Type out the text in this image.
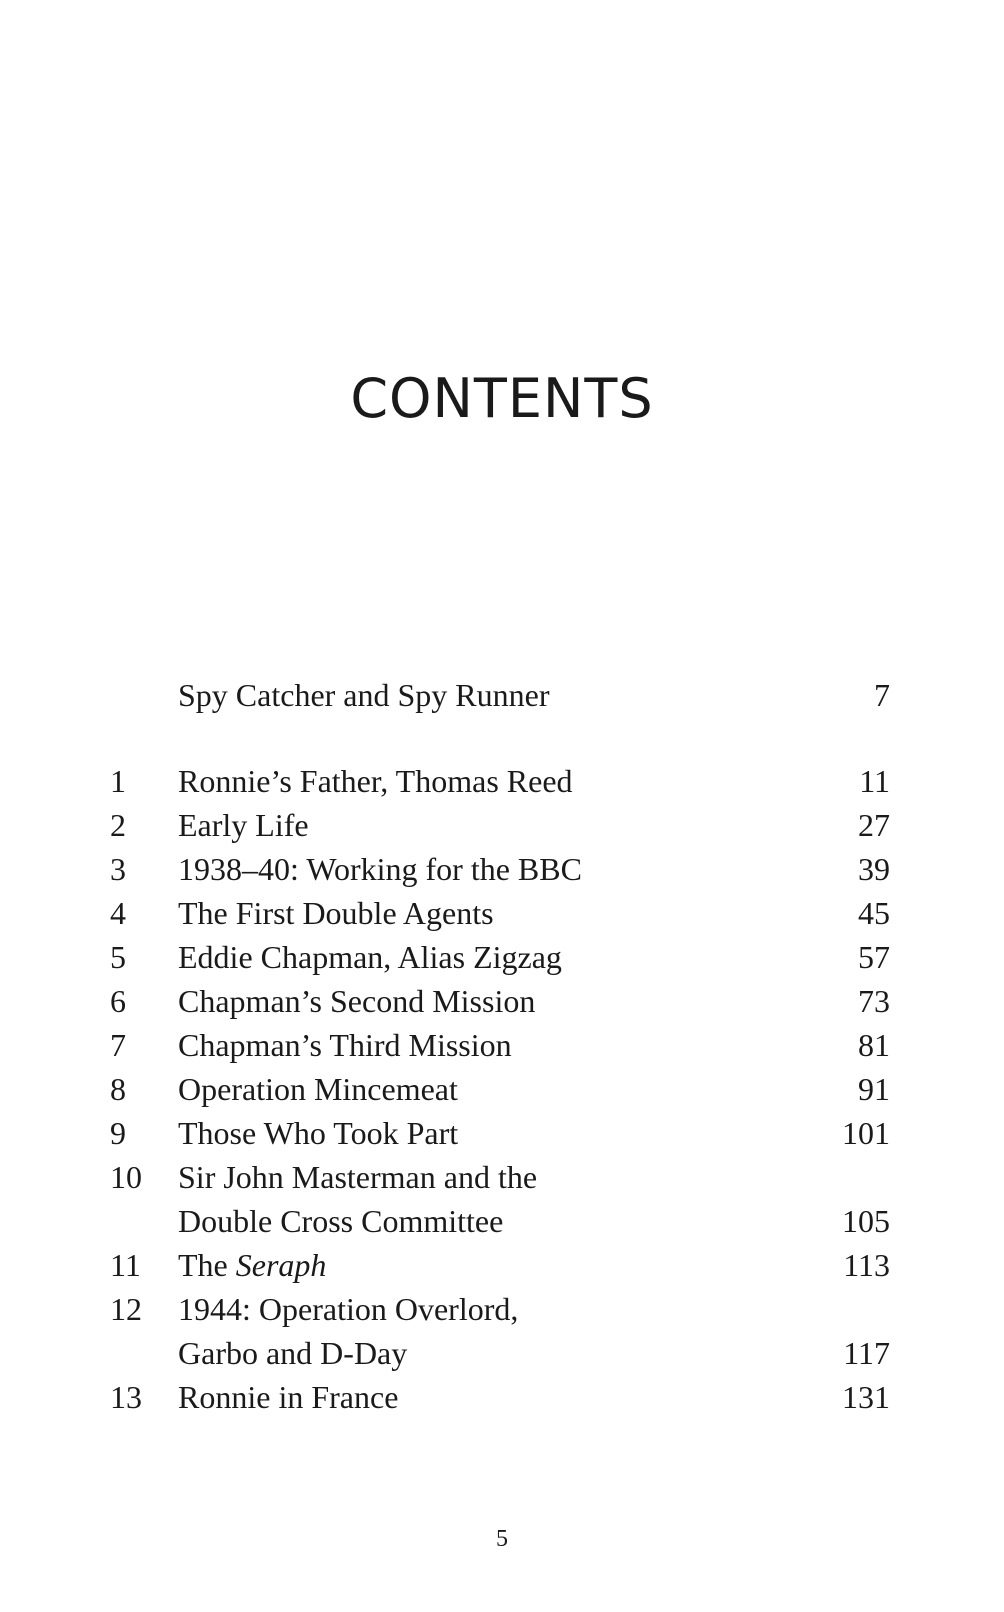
CONTENTS
Spy Catcher and Spy Runner	7
1	Ronnie’s Father, Thomas Reed	11
2	Early Life	27
3	1938–40: Working for the BBC	39
4	The First Double Agents	45
5	Eddie Chapman, Alias Zigzag	57
6	Chapman’s Second Mission	73
7	Chapman’s Third Mission	81
8	Operation Mincemeat	91
9	Those Who Took Part	101
10	Sir John Masterman and the
Double Cross Committee	105
11	The Seraph	113
12	1944: Operation Overlord,
Garbo and D-Day	117
13	Ronnie in France	131
5
